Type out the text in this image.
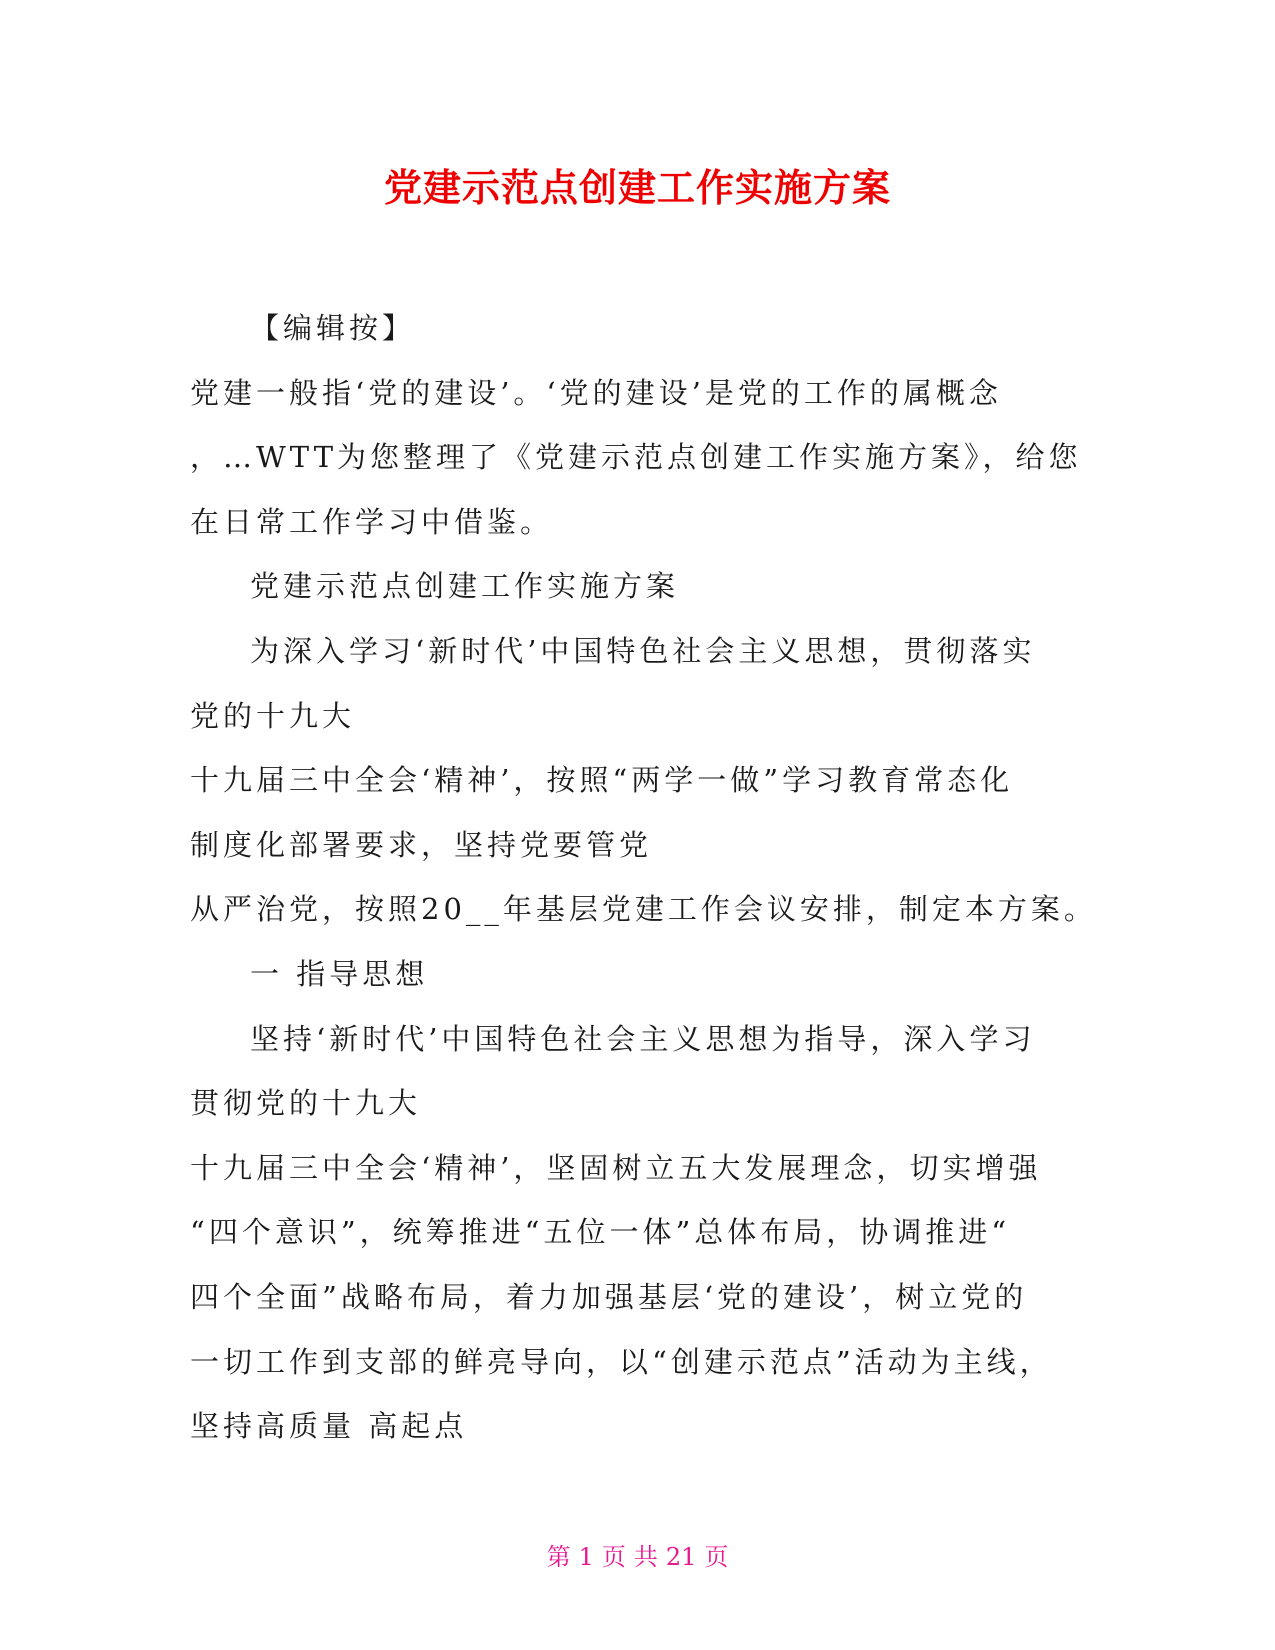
党建示范点创建工作实施方案
【编辑按】
党建一般指‘党的建设’。‘党的建设’是党的工作的属概念
，…WTT为您整理了《党建示范点创建工作实施方案》，给您
在日常工作学习中借鉴。
党建示范点创建工作实施方案
为深入学习‘新时代’中国特色社会主义思想，贯彻落实
党的十九大
十九届三中全会‘精神’，按照“两学一做”学习教育常态化
制度化部署要求，坚持党要管党
从严治党，按照20__年基层党建工作会议安排，制定本方案。
一 指导思想
坚持‘新时代’中国特色社会主义思想为指导，深入学习
贯彻党的十九大
十九届三中全会‘精神’，坚固树立五大发展理念，切实增强
“四个意识”，统筹推进“五位一体”总体布局，协调推进“
四个全面”战略布局，着力加强基层‘党的建设’，树立党的
一切工作到支部的鲜亮导向，以“创建示范点”活动为主线，
坚持高质量 高起点
第 1 页 共 21 页
